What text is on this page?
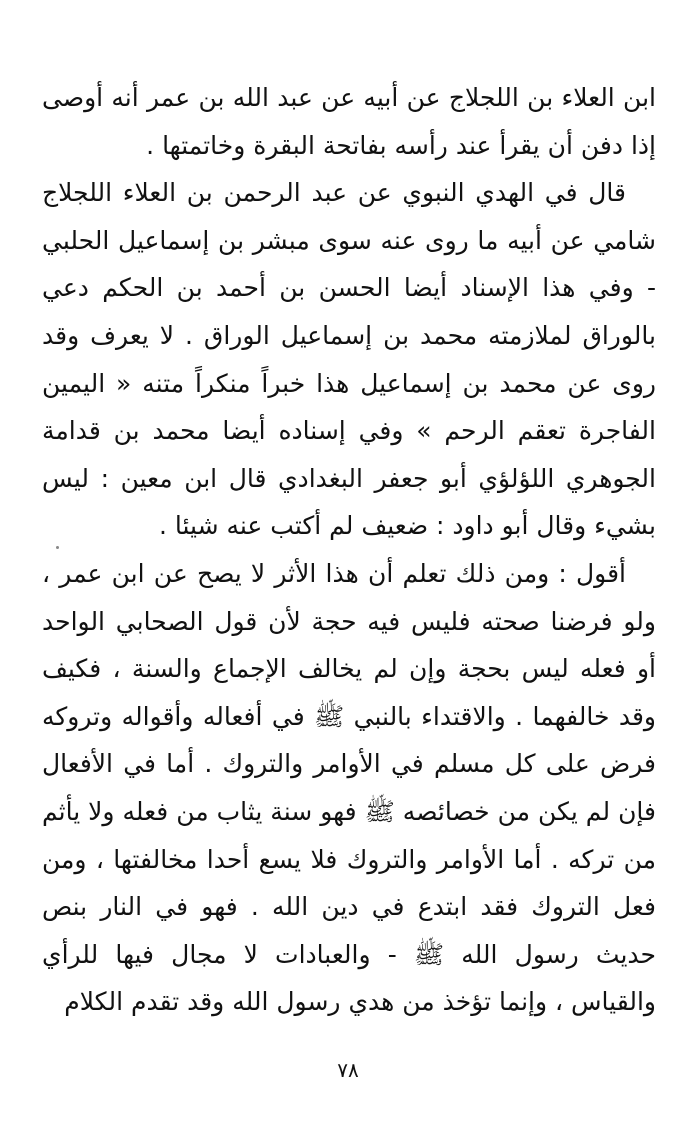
ابن العلاء بن اللجلاج عن أبيه عن عبد الله بن عمر أنه أوصى إذا دفن أن يقرأ عند رأسه بفاتحة البقرة وخاتمتها .

قال في الهدي النبوي عن عبد الرحمن بن العلاء اللجلاج شامي عن أبيه ما روى عنه سوى مبشر بن إسماعيل الحلبي - وفي هذا الإسناد أيضا الحسن بن أحمد بن الحكم دعي بالوراق لملازمته محمد بن إسماعيل الوراق . لا يعرف وقد روى عن محمد بن إسماعيل هذا خبراً منكراً متنه « اليمين الفاجرة تعقم الرحم » وفي إسناده أيضا محمد بن قدامة الجوهري اللؤلؤي أبو جعفر البغدادي قال ابن معين : ليس بشيء وقال أبو داود : ضعيف لم أكتب عنه شيئا .

أقول : ومن ذلك تعلم أن هذا الأثر لا يصح عن ابن عمر ، ولو فرضنا صحته فليس فيه حجة لأن قول الصحابي الواحد أو فعله ليس بحجة وإن لم يخالف الإجماع والسنة ، فكيف وقد خالفهما . والاقتداء بالنبي ﷺ في أفعاله وأقواله وتروكه فرض على كل مسلم في الأوامر والتروك . أما في الأفعال فإن لم يكن من خصائصه ﷺ فهو سنة يثاب من فعله ولا يأثم من تركه . أما الأوامر والتروك فلا يسع أحدا مخالفتها ، ومن فعل التروك فقد ابتدع في دين الله . فهو في النار بنص حديث رسول الله ﷺ - والعبادات لا مجال فيها للرأي والقياس ، وإنما تؤخذ من هدي رسول الله وقد تقدم الكلام

٧٨
